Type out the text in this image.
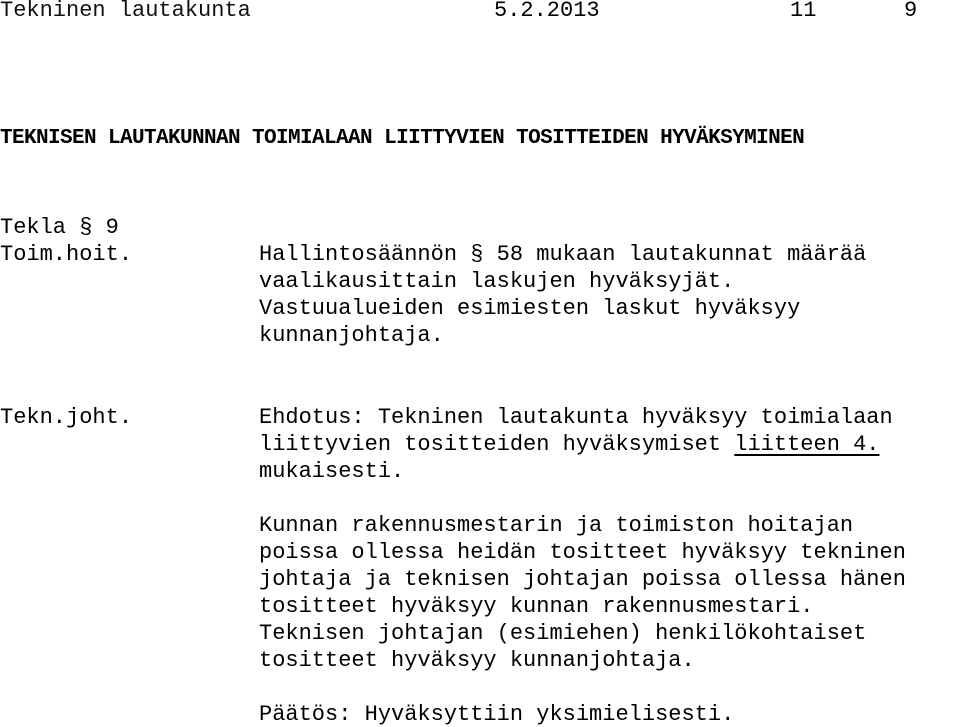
Tekninen lautakunta	5.2.2013	11	9
TEKNISEN LAUTAKUNNAN TOIMIALAAN LIITTYVIEN TOSITTEIDEN HYVÄKSYMINEN
Tekla § 9
Toim.hoit.	Hallintosäännön § 58 mukaan lautakunnat määrää
vaalikausittain laskujen hyväksyjät.
Vastuualueiden esimiesten laskut hyväksyy
kunnanjohtaja.
Tekn.joht.	Ehdotus: Tekninen lautakunta hyväksyy toimialaan
liittyvien tositteiden hyväksymiset liitteen 4.
mukaisesti.
Kunnan rakennusmestarin ja toimiston hoitajan
poissa ollessa heidän tositteet hyväksyy tekninen
johtaja ja teknisen johtajan poissa ollessa hänen
tositteet hyväksyy kunnan rakennusmestari.
Teknisen johtajan (esimiehen) henkilökohtaiset
tositteet hyväksyy kunnanjohtaja.
Päätös: Hyväksyttiin yksimielisesti.
